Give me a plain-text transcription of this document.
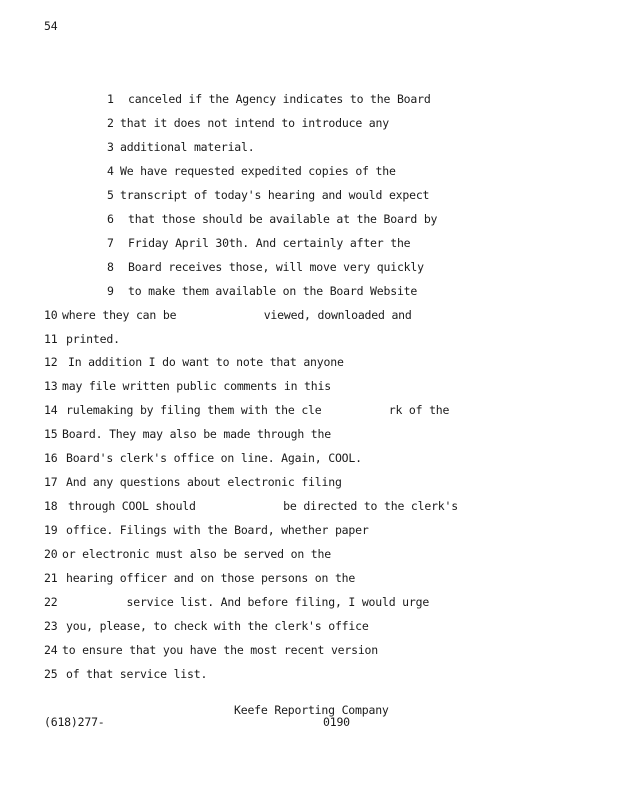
54
1 canceled if the Agency indicates to the Board
2 that it does not intend to introduce any
3 additional material.
4 We have requested expedited copies of the
5 transcript of today's hearing and would expect
6 that those should be available at the Board by
7 Friday April 30th. And certainly after the
8 Board receives those, will move very quickly
9 to make them available on the Board Website
10 where they can be             viewed, downloaded and
11 printed.
12 In addition I do want to note that anyone
13 may file written public comments in this
14 rulemaking by filing them with the cle          rk of the
15 Board. They may also be made through the
16 Board's clerk's office on line. Again, COOL.
17 And any questions about electronic filing
18 through COOL should             be directed to the clerk's
19 office. Filings with the Board, whether paper
20 or electronic must also be served on the
21 hearing officer and on those persons on the
22 service list. And before filing, I would urge
23 you, please, to check with the clerk's office
24 to ensure that you have the most recent version
25 of that service list.
Keefe Reporting Company
(618)277-	0190
